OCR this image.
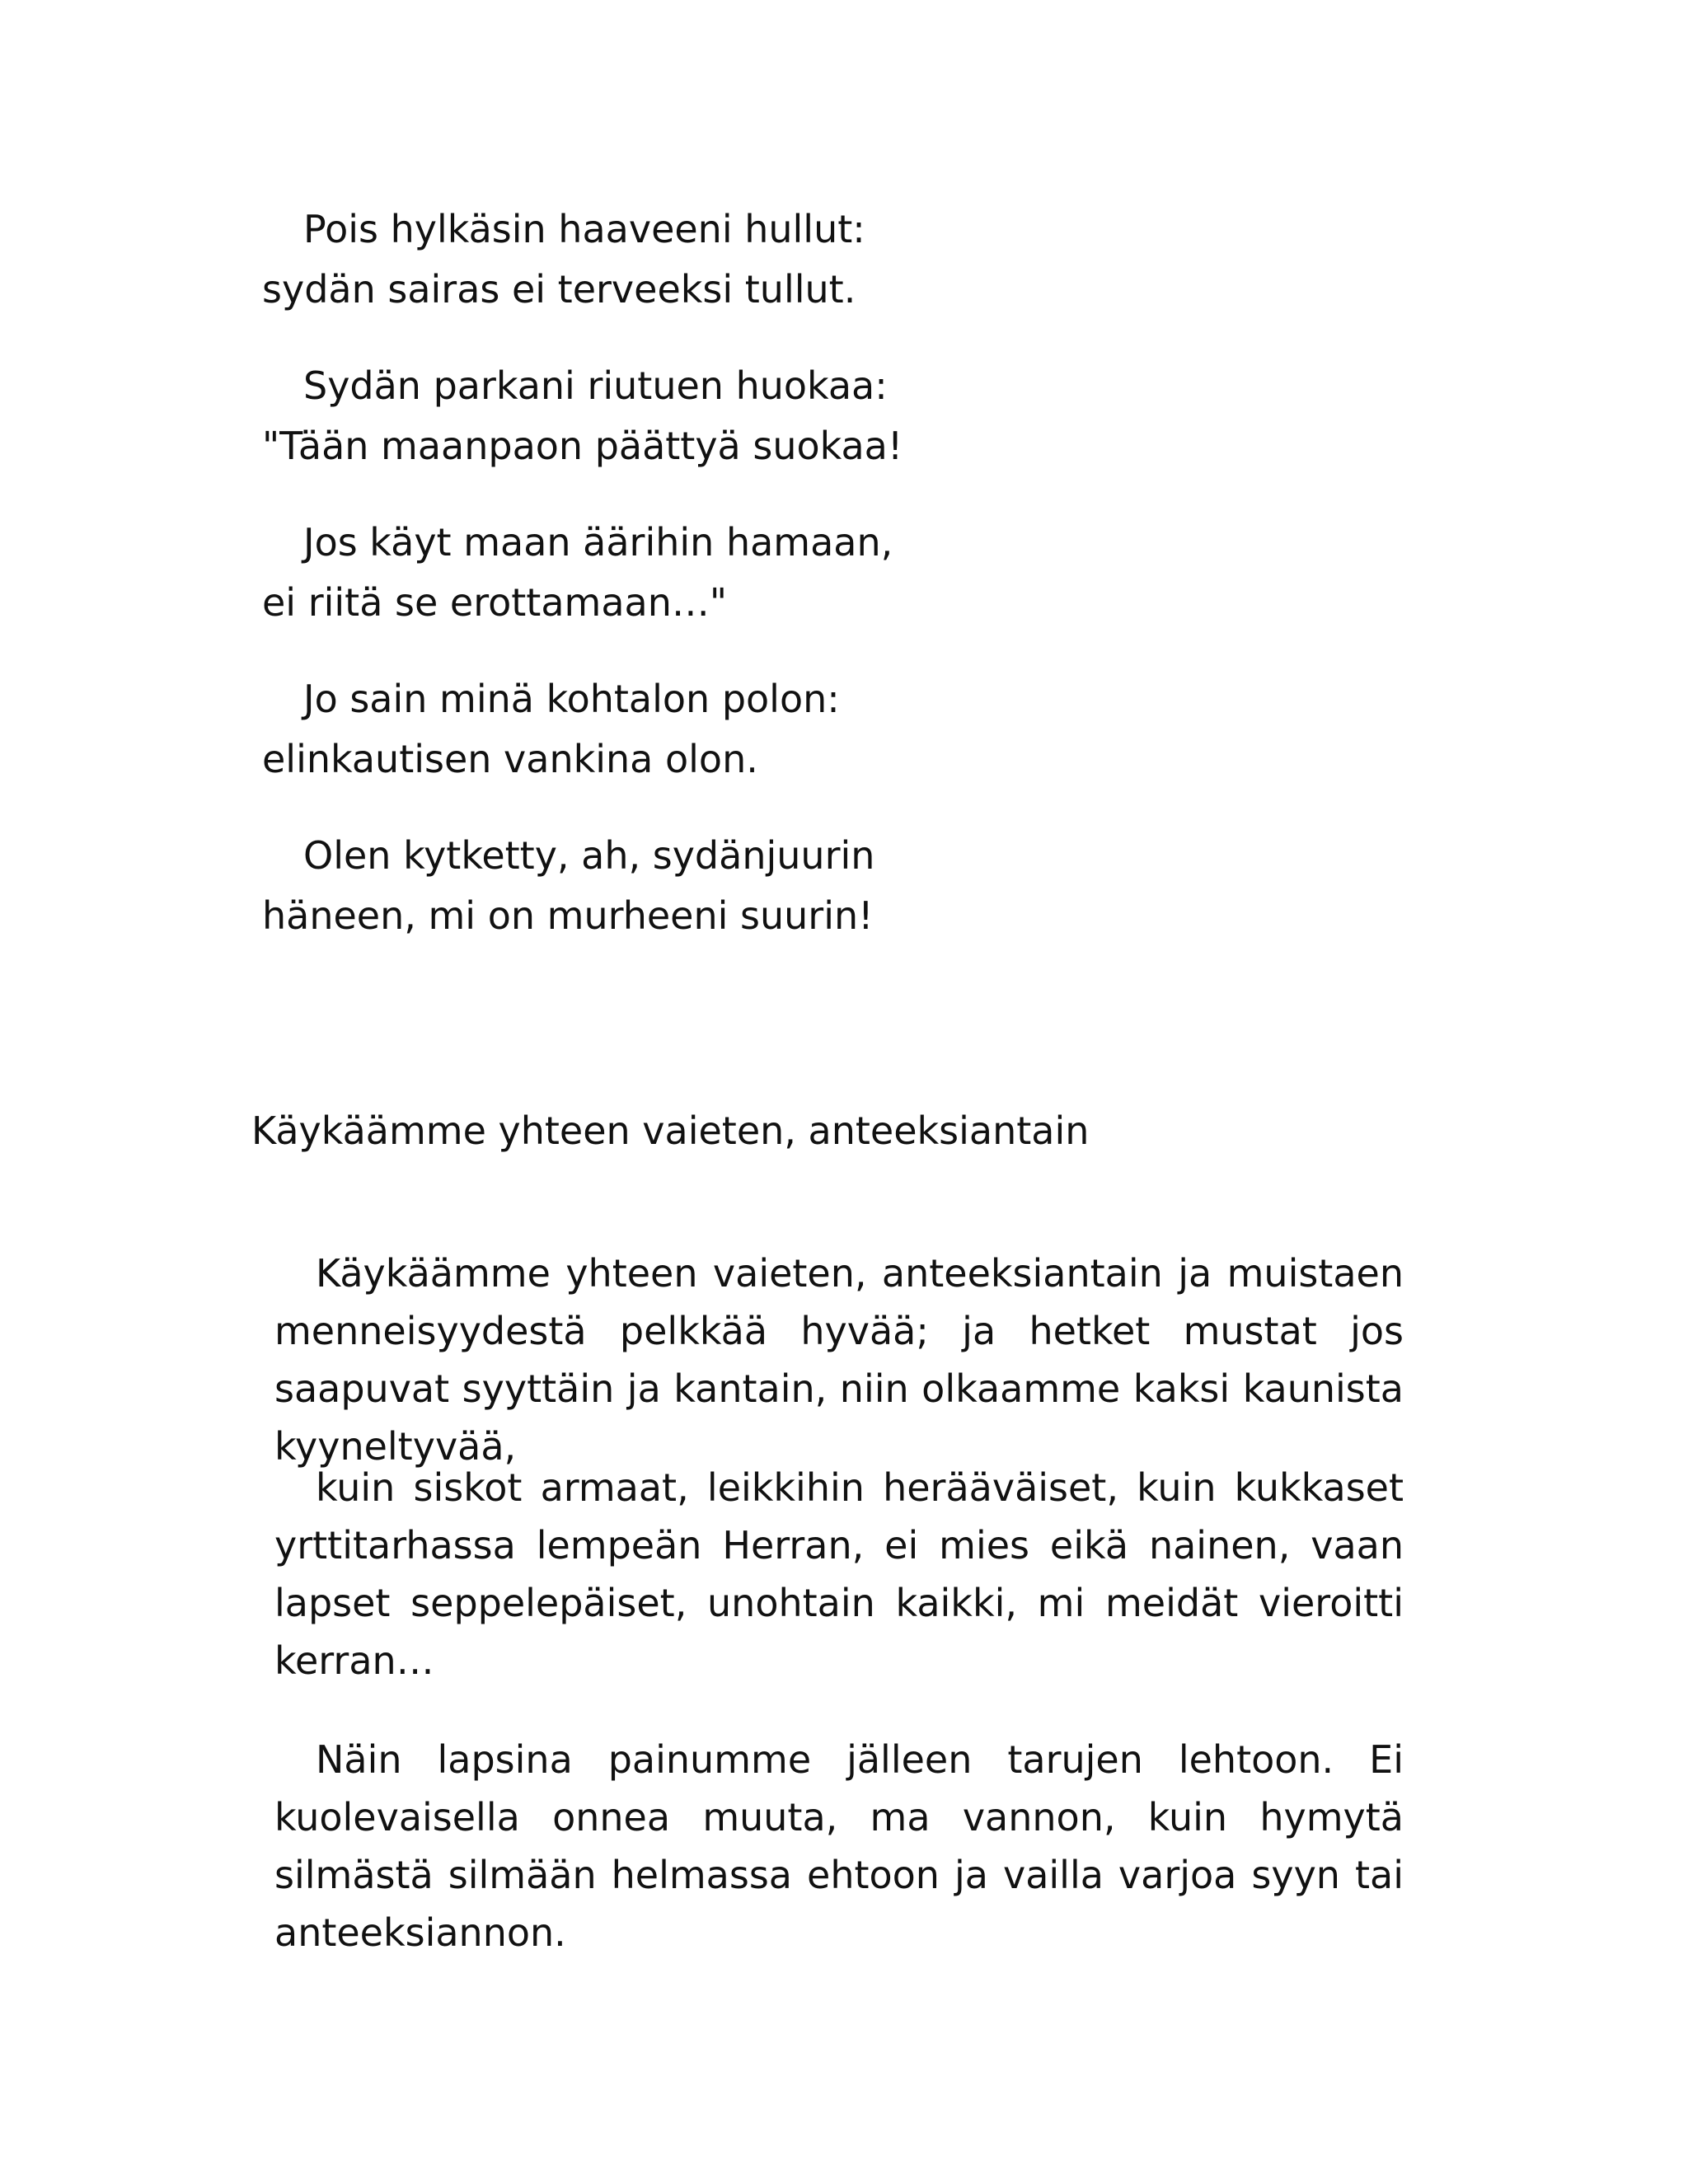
Pois hylkäsin haaveeni hullut:
sydän sairas ei terveeksi tullut.
Sydän parkani riutuen huokaa:
"Tään maanpaon päättyä suokaa!
Jos käyt maan äärihin hamaan,
ei riitä se erottamaan…"
Jo sain minä kohtalon polon:
elinkautisen vankina olon.
Olen kytketty, ah, sydänjuurin
häneen, mi on murheeni suurin!
Käykäämme yhteen vaieten, anteeksiantain

Käykäämme yhteen vaieten, anteeksiantain ja muistaen menneisyydestä pelkkää hyvää; ja hetket mustat jos saapuvat syyttäin ja kantain, niin olkaamme kaksi kaunista kyyneltyvää,

kuin siskot armaat, leikkihin herääväiset, kuin kukkaset yrttitarhassa lempeän Herran, ei mies eikä nainen, vaan lapset seppelepäiset, unohtain kaikki, mi meidät vieroitti kerran…

Näin lapsina painumme jälleen tarujen lehtoon. Ei kuolevaisella onnea muuta, ma vannon, kuin hymytä silmästä silmään helmassa ehtoon ja vailla varjoa syyn tai anteeksiannon.
